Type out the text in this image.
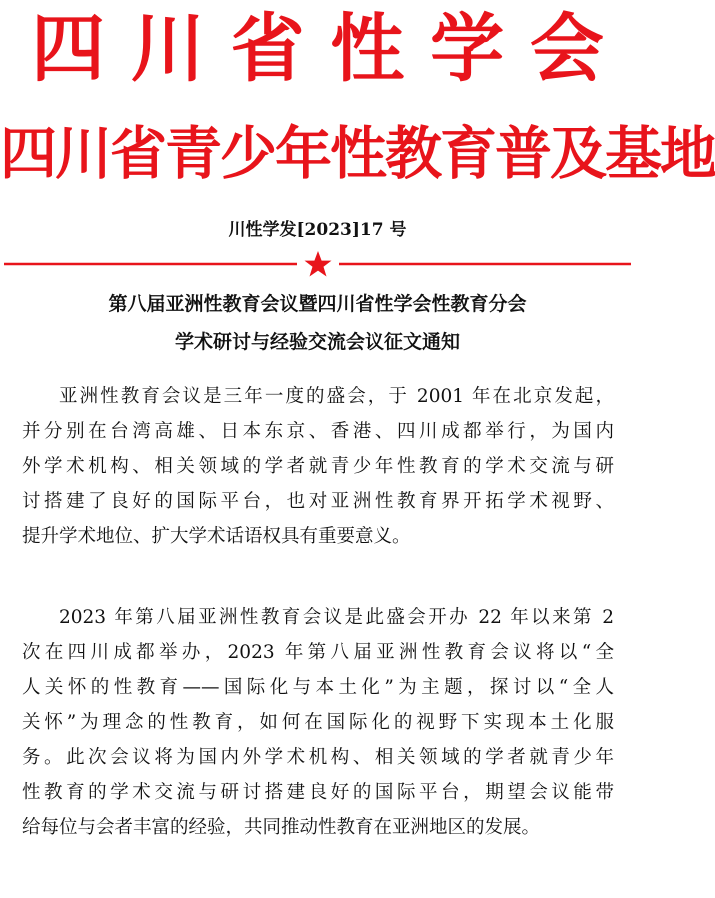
四 川 省 性 学 会
四川省青少年性教育普及基地
川性学发[2023]17 号
第八届亚洲性教育会议暨四川省性学会性教育分会
学术研讨与经验交流会议征文通知
亚洲性教育会议是三年一度的盛会，于 2001 年在北京发起，
并分别在台湾高雄、日本东京、香港、四川成都举行，为国内
外学术机构、相关领域的学者就青少年性教育的学术交流与研
讨搭建了良好的国际平台，也对亚洲性教育界开拓学术视野、
提升学术地位、扩大学术话语权具有重要意义。
2023 年第八届亚洲性教育会议是此盛会开办 22 年以来第 2
次在四川成都举办，2023 年第八届亚洲性教育会议将以“全
人关怀的性教育——国际化与本土化”为主题，探讨以“全人
关怀”为理念的性教育，如何在国际化的视野下实现本土化服
务。此次会议将为国内外学术机构、相关领域的学者就青少年
性教育的学术交流与研讨搭建良好的国际平台，期望会议能带
给每位与会者丰富的经验，共同推动性教育在亚洲地区的发展。
